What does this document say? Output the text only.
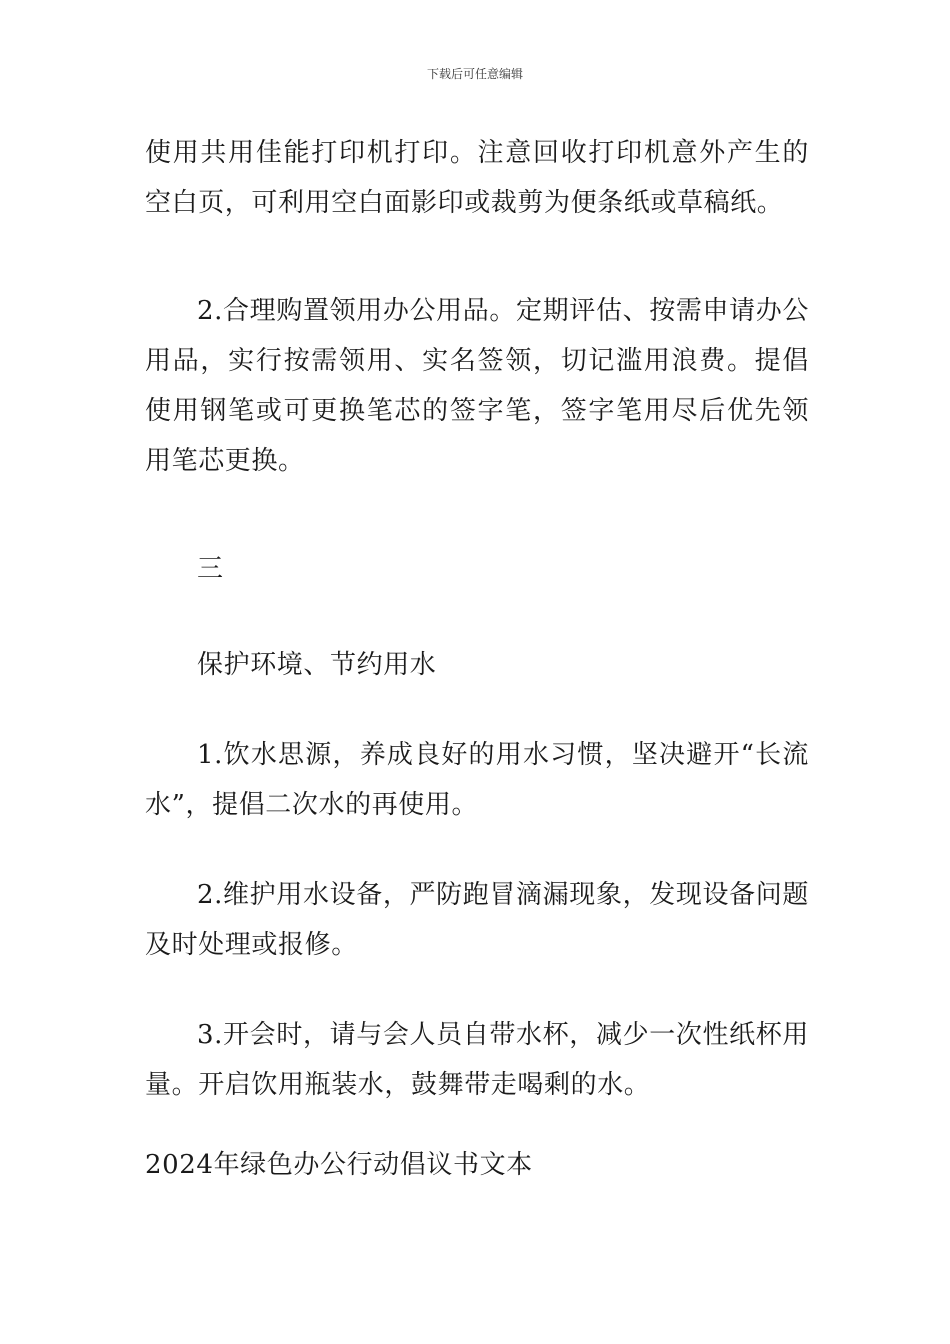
下载后可任意编辑

使用共用佳能打印机打印。注意回收打印机意外产生的空白页，可利用空白面影印或裁剪为便条纸或草稿纸。

2.合理购置领用办公用品。定期评估、按需申请办公用品，实行按需领用、实名签领，切记滥用浪费。提倡使用钢笔或可更换笔芯的签字笔，签字笔用尽后优先领用笔芯更换。

三

保护环境、节约用水

1.饮水思源，养成良好的用水习惯，坚决避开“长流水”，提倡二次水的再使用。

2.维护用水设备，严防跑冒滴漏现象，发现设备问题及时处理或报修。

3.开会时，请与会人员自带水杯，减少一次性纸杯用量。开启饮用瓶装水，鼓舞带走喝剩的水。

2024年绿色办公行动倡议书文本
